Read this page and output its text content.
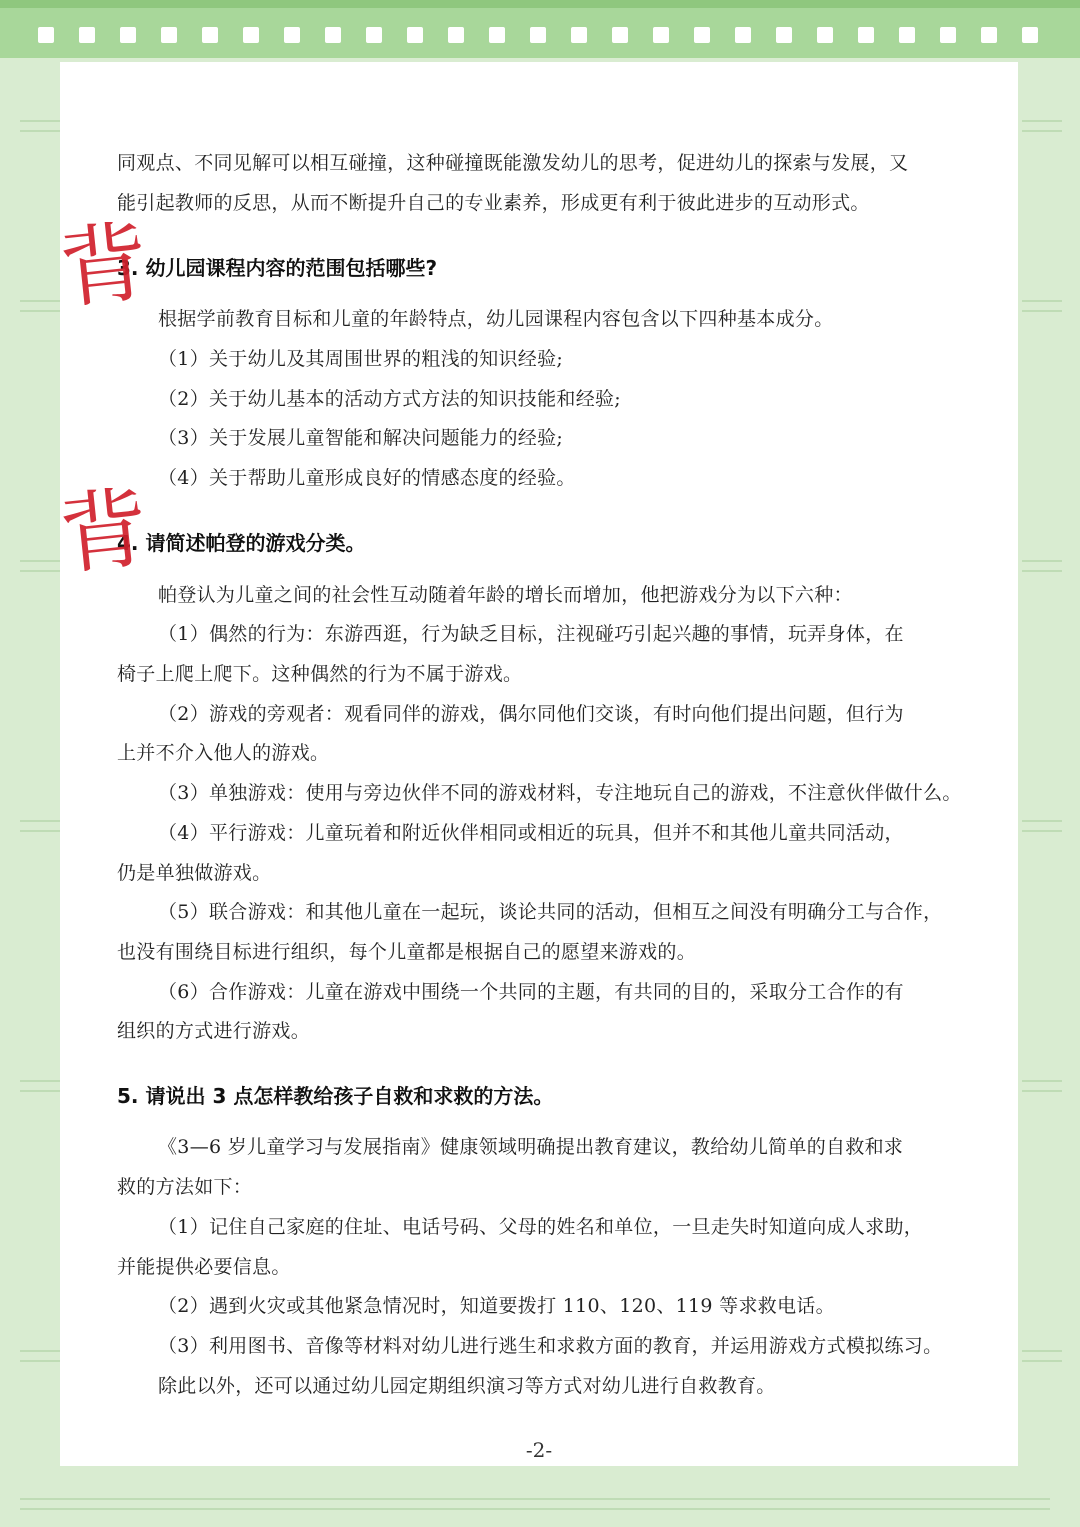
同观点、不同见解可以相互碰撞，这种碰撞既能激发幼儿的思考，促进幼儿的探索与发展，又
能引起教师的反思，从而不断提升自己的专业素养，形成更有利于彼此进步的互动形式。
3. 幼儿园课程内容的范围包括哪些?
根据学前教育目标和儿童的年龄特点，幼儿园课程内容包含以下四种基本成分。
（1）关于幼儿及其周围世界的粗浅的知识经验;
（2）关于幼儿基本的活动方式方法的知识技能和经验;
（3）关于发展儿童智能和解决问题能力的经验;
（4）关于帮助儿童形成良好的情感态度的经验。
4. 请简述帕登的游戏分类。
帕登认为儿童之间的社会性互动随着年龄的增长而增加，他把游戏分为以下六种：
（1）偶然的行为：东游西逛，行为缺乏目标，注视碰巧引起兴趣的事情，玩弄身体，在
椅子上爬上爬下。这种偶然的行为不属于游戏。
（2）游戏的旁观者：观看同伴的游戏，偶尔同他们交谈，有时向他们提出问题，但行为
上并不介入他人的游戏。
（3）单独游戏：使用与旁边伙伴不同的游戏材料，专注地玩自己的游戏，不注意伙伴做什么。
（4）平行游戏：儿童玩着和附近伙伴相同或相近的玩具，但并不和其他儿童共同活动，
仍是单独做游戏。
（5）联合游戏：和其他儿童在一起玩，谈论共同的活动，但相互之间没有明确分工与合作，
也没有围绕目标进行组织，每个儿童都是根据自己的愿望来游戏的。
（6）合作游戏：儿童在游戏中围绕一个共同的主题，有共同的目的，采取分工合作的有
组织的方式进行游戏。
5. 请说出 3 点怎样教给孩子自救和求救的方法。
《3—6 岁儿童学习与发展指南》健康领域明确提出教育建议，教给幼儿简单的自救和求
救的方法如下：
（1）记住自己家庭的住址、电话号码、父母的姓名和单位，一旦走失时知道向成人求助，
并能提供必要信息。
（2）遇到火灾或其他紧急情况时，知道要拨打 110、120、119 等求救电话。
（3）利用图书、音像等材料对幼儿进行逃生和求救方面的教育，并运用游戏方式模拟练习。
除此以外，还可以通过幼儿园定期组织演习等方式对幼儿进行自救教育。
-2-
背
背
